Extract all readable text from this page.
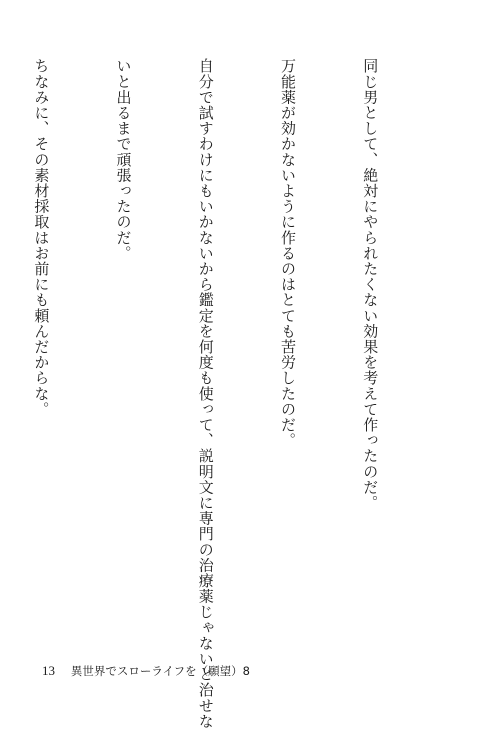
同じ男として、絶対にやられたくない効果を考えて作ったのだ。

万能薬が効かないように作るのはとても苦労したのだ。

自分で試すわけにもいかないから鑑定を何度も使って、説明文に専門の治療薬じゃないと治せな

いと出るまで頑張ったのだ。

ちなみに、その素材採取はお前にも頼んだからな。

13 異世界でスローライフを（願望）8
